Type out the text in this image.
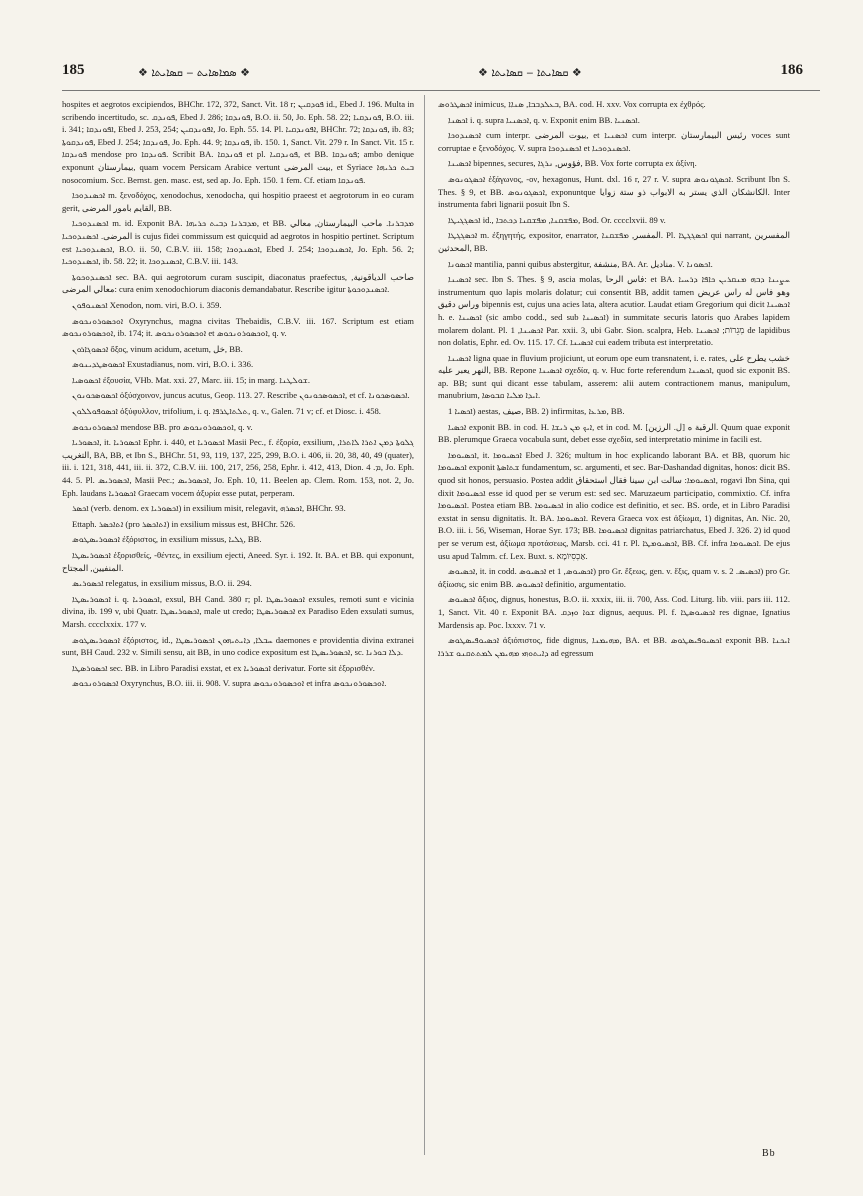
185	❖ ܣܡܐܣܐܝܬ ‒ ܩܣܐܝܬܐ ❖	❖ ܩܣܐܝܬܐ ‒ ܩܣܐܝܬܐ ❖	186

hospites et aegrotos excipiendos, BHChr. 172, 372, Sanct. Vit. 18 r; ܦܘܕܩܝܢ id., Ebed J. 196. Multa in scribendo incertitudo, sc. ܦܘܢܕܩ, Ebed J. 286; ܦܘܢܕܩܐ, B.O. ii. 50, Jo. Eph. 58. 22; ܦܘܢܕܩܝܐ, B.O. iii. i. 341; ܐܦܘܢܕܩܐ, Ebed J. 253, 254; ܐܦܘܢܕܩܝܢ, Jo. Eph. 55. 14. Pl. ܐܦܘܢܕܩܝܐ, BHChr. 72; ܦܘܢܕܩܐ, ib. 83; ܦܘܢܕܩܘܬܐ, Ebed J. 254; ܦܘܢܕܩܐ, Jo. Eph. 44. 9; ܦܘܢܕܩܐ, ib. 150. 1, Sanct. Vit. 279 r. In Sanct. Vit. 15 r. ܦܘܢܕܩܐ mendose pro ܦܘܢܕܩܐ. Scribit BA. ܦܘܢܕܩܐ et pl. ܦܘܢܕܩܝܐ, et BB. ܦܘܢܕܩܐ; ambo denique exponunt بيمارستان, quam vocem Persicam Arabice vertunt بيت المرضى, et Syriace ܒܝܬ ܟܪܝܗܐ nosocomium. Scc. Bernst. gen. masc. est, sed ap. Jo. Eph. 150. 1 fem. Cf. etiam ܦܘܢܕܩܐ.

ܐܟܣܢܕܘܟܐ m. ξενοδόχος, xenodochus, xenodocha, qui hospitio praeest et aegrotorum in eo curam gerit, القايم بامور المرضى, BB.

ܐܟܣܢܕܘܟܝܐ m. id. Exponit BA. ܡܕܒܪܢܐ ܕܒܝܬ ܟܪܝܗܐ, et BB. ܡܕܒܪܢܐ. ماحب البيمارستان, معالي المرضى. ܐܟܣܢܕܘܟܝܐ is cujus fidei commissum est quicquid ad aegrotos in hospitio pertinet. Scriptum est ܐܟܣܢܕܘܟܝܐ, B.O. ii. 50, C.B.V. iii. 158; ܐܟܣܢܕܘܟܐ, Ebed J. 254; ܐܟܣܢܕܘܟܐ, Jo. Eph. 56. 2; ܐܟܣܢܕܘܟܝܐ, ib. 58. 22; it. ܐܟܣܢܕܘܟܐ, C.B.V. iii. 143.

ܐܟܣܢܕܘܟܘܬܐ sec. BA. qui aegrotorum curam suscipit, diaconatus praefectus, صاحب الدياقونية, معالي المرضى: cura enim xenodochiorum diaconis demandabatur. Rescribe igitur ܐܟܣܢܕܘܟܘܬܐ.

ܐܟܣܢܘܦܘܢ Xenodon, nom. viri, B.O. i. 359.

ܐܘܟܣܘܪܘܢܟܘܣ Oxyrynchus, magna civitas Thebaidis, C.B.V. iii. 167. Scriptum est etiam ܐܘܟܣܘܪܘܢܟܘܣ, ib. 174; it. ܐܘܟܣܘܪܘܢܟܘܣ et ܐܘܟܣܘܪܘܢܟܘܣ, q. v.

ܐܟܣܘܓܐܪܘܢ ὄξος, vinum acidum, acetum, خل, BB.

ܐܟܣܘܣܛܕܝܢܘܣ Exustadianus, nom. viri, B.O. i. 336.

ܐܟܣܘܣܝܐ ἐξουσία, VHb. Mat. xxi. 27, Marc. iii. 15; in marg. ܫܘܠܛܢܐ.

ܐܟܣܘܣܟܘܢܘܢ ὀξύσχοινον, juncus acutus, Geop. 113. 27. Rescribe ܐܟܣܘܣܟܘܢܘܢ, et cf. ܐܟܣܘܣܟܘܢܐ.

ܐܟܣܘܦܘܠܠܘܢ ὀξύφυλλον, trifolium, i. q. ܬܠܬܐܛܪܦܐ, q. v., Galen. 71 v; cf. et Diosc. i. 458.

ܐܟܣܘܪܘܢܟܘܣ mendose BB. pro ܐܘܟܣܘܪܘܢܟܘܣ, q. v.

ܐܟܣܘܪܝܐ, it. ܐܟܣܘܪܝܐ Ephr. i. 440, et ܐܟܣܘܪܝܐ Masii Pec., f. ἐξορία, exsilium, ܓܠܘܬܐ ܕܡܢ ܐܬܪܐ ܠܐܬܪܐ, التغريب, BA, BB, et Ibn S., BHChr. 51, 93, 119, 137, 225, 299, B.O. i. 406, ii. 20, 38, 40, 49 (quater), iii. i. 121, 318, 441, iii. ii. 372, C.B.V. iii. 100, 217, 256, 258, Ephr. i. 412, 413, Dion. ܡ. 4, Jo. Eph. 44. 5. Pl. ܐܟܣܘܪܝܣ, Masii Pec.; ܐܟܣܘܪܝܣ, Jo. Eph. 10, 11. Beelen ap. Clem. Rom. 153, not. 2, Jo. Eph. laudans ܐܟܣܘܪܝܐ Graecam vocem ἀξυρία esse putat, perperam.

ܐܟܣܪ (verb. denom. ex ܐܟܣܘܪܝܐ) in exsilium misit, relegavit, ܐܟܣܪܗ, BHChr. 93.

Ettaph. ܐܬܐܟܣܪ (pro ܐܬܐܟܣܪ) in exsilium missus est, BHChr. 526.

ܐܟܣܘܪܝܣܛܘܣ ἐξόριστος, in exsilium missus, ܓܠܝܐ, BB.

ܐܟܣܘܪܝܣܛܐ ἐξορισθείς, -θέντες, in exsilium ejecti, Aneed. Syr. i. 192. It. BA. et BB. qui exponunt, المنفيين, المجتاح.

ܐܟܣܘܪܝܣ relegatus, in exsilium missus, B.O. ii. 294.

ܐܟܣܘܪܝܣܛܐ i. q. ܐܟܣܘܪܝܐ, exsul, BH Cand. 380 r; pl. ܐܟܣܘܪܝܣܛܐ exsules, remoti sunt e vicinia divina, ib. 199 v, ubi Quatr. ܐܟܣܘܪܝܣܛܐ, male ut credo; ܐܟܣܘܪܝܣܛܐ ex Paradiso Eden exsulati sumus, Marsh. cccclxxix. 177 v.

ܐܟܣܘܪܝܣܛܘܣ ἐξόριστος, id., ܚܒܠܐ, ܕܐܝܬܝܗܘܢ ܐܟܣܘܪܝܣܛܐ daemones e providentia divina extranei sunt, BH Caud. 232 v. Simili sensu, ait BB, in uno codice expositum est ܐܟܣܘܪܝܣܛܐ, sc. ܕܠܐ ܒܘܪܢܐ.

ܐܟܣܘܪܣܛܐ sec. BB. in Libro Paradisi exstat, et ex ܐܟܣܘܪܝܐ derivatur. Forte sit ἐξορισθέν.

ܐܟܣܘܪܘܢܟܘܣ Oxyrynchus, B.O. iii. ii. 908. V. supra ܐܘܟܣܘܪܘܢܟܘܣ et infra ܐܘܟܣܘܪܘܢܟܘܣ.

ܐܟܣܛܪܘܣ inimicus, ܒܥܠܕܒܒܐ, ܣܢܐܐ, BA. cod. H. xxv. Vox corrupta ex ἐχθρός.

ܐܟܣܢܐ i. q. supra ܐܟܣܢܝܐ, q. v. Exponit enim BB. ܐܟܣܢܝܐ.

ܐܟܣܢܕܘܟܐ cum interpr. بيوت المرضى, et ܐܟܣܢܝܐ cum interpr. رئيس البيمارستان voces sunt corruptae e ξενοδόχος. V. supra ܐܟܣܢܕܘܟܐ et ܐܟܣܢܕܘܟܝܐ.

ܐܟܣܝܢܐ bipennes, secures, فؤوس, ܢܪܓܐ, BB. Vox forte corrupta ex ἀξίνη.

ܐܟܣܓܘܢܘܣ ἑξάγωνος, -ον, hexagonus, Hunt. dxl. 16 r, 27 r. V. supra ܐܟܣܓܘܢܘܣ. Scribunt Ibn S. Thes. § 9, et BB. ܐܟܣܓܘܢܘܣ, exponuntque الكانشكان الذي يستر به الابواب ذو ستة زوايا. Inter instrumenta fabri lignarii posuit Ibn S.

ܐܟܣܓܓܝܛܐ id., ܡܦܫܩܢܐ, ܡܦܫܩܢܐ ܕܟܬܒܐ, Bod. Or. cccclxvii. 89 v.

ܐܟܣܓܓܛܐ m. ἐξηγητής, expositor, enarrator, المفسر, ܡܦܫܩܢܐ. Pl. ܐܟܣܓܓܛܐ qui narrant, المفسرين المحدثين, BB.

ܐܟܣܘܢܐ mantilia, panni quibus abstergitur, منشفة, BA. Ar. مناديل. V. ܐܟܣܘܢܐ.

ܐܟܣܝܢܐ sec. Ibn S. Thes. § 9, ascia molas, فاس الرحا: et BA. ܚܨܝܢܐ ܕܒܗ ܡܢܩܪܝܢ ܟܐܦܐ ܕܪܚܝܐ instrumentum quo lapis molaris dolatur; cui consentit BB, addit tamen وهو فاس له راس عريض وراس دقيق bipennis est, cujus una acies lata, altera acutior. Laudat etiam Gregorium qui dicit ܐܟܣܝܢܐ h. e. ܐܟܣܝܢܐ (sic ambo codd., sed sub ܐܟܣܝܢܐ) in summitate securis latoris quo Arabes lapidem molarem dolant. Pl. ܐܟܣܝܢܐ, 1 Par. xxii. 3, ubi Gabr. Sion. scalpra, Heb. מְגֵרוֹת; ܐܟܣܝܢܐ de lapidibus non dolatis, Ephr. ed. Ov. 115. 17. Cf. ܐܟܣܝܢܐ cui eadem tributa est interpretatio.

ܐܟܣܝܢܐ ligna quae in fluvium projiciunt, ut eorum ope eum transnatent, i. e. rates, خشب يطرح على النهر يعبر عليه, BB. Repone ܐܟܣܝܢܐ σχεδία, q. v. Huc forte referendum ܐܟܣܝܢܐ, quod sic exponit BS. ap. BB; sunt qui dicant esse tabulam, asserem: alii autem contractionem manus, manipulum, manubrium, ܐܝܕܐ ܡܠܝܐ ܩܒܘܣܐ.

ܐܟܣܝܐ 1) aestas, صيف, BB. 2) infirmitas, ܡܪܥܐ, BB.

ܐܟܣܝܐ exponit BB. in cod. H. ܐܝܟ ܡܢ ܪܝܫܐ, et in cod. M. الرقبة ه [ل. الرزين]. Quum quae exponit BB. plerumque Graeca vocabula sunt, debet esse σχεδία, sed interpretatio minime in facili est.

ܐܟܣܝܘܡܐ, it. ܐܟܣܝܘܡܐ Ebed J. 326; multum in hoc explicando laborant BA. et BB, quorum hic ܐܟܣܝܘܡܐ exponit ܫܬܐܣܬܐ fundamentum, sc. argumenti, et sec. Bar-Dashandad dignitas, honos: dicit BS. quod sit honos, persuasio. Postea addit ܐܟܣܝܘܡܐ: سالت ابن سينا فقال استحقاق, rogavi Ibn Sina, qui dixit ܐܟܣܝܘܡܐ esse id quod per se verum est: sed sec. Maruzaeum participatio, commixtio. Cf. infra ܐܟܣܝܘܡܐ. Postea etiam BB. ܐܟܣܝܘܡܐ in alio codice est definitio, et sec. BS. orde, et in Libro Paradisi exstat in sensu dignitatis. It. BA. ܐܟܣܝܘܡܐ. Revera Graeca vox est ἀξίωμα, 1) dignitas, An. Nic. 20, B.O. iii. i. 56, Wiseman, Horae Syr. 173; BB. ܐܟܣܝܘܡܐ dignitas patriarchatus, Ebed J. 326. 2) id quod per se verum est, ἀξίωμα προτάσεως, Marsb. cci. 41 r. Pl. ܐܟܣܝܘܡܛܐ, BB. Cf. infra ܐܟܣܝܘܡܐ. De ejus usu apud Talmm. cf. Lex. Buxt. s. אַכְסִיוֹמָא.

ܐܟܣܝܘܣ, it. in codd. ܐܟܣܝܘܣ et ܐܟܣܝܘܣ, 1) pro Gr. ἕξεως, gen. v. ἕξις, quam v. s. ܐܟܣܝܣ. 2) pro Gr. ἀξίωσις, sic enim BB. ܐܟܣܝܘܣ definitio, argumentatio.

ܐܟܣܝܘܣ ἄξιος, dignus, honestus, B.O. ii. xxxix, iii. ii. 700, Ass. Cod. Liturg. lib. viii. pars iii. 112. 1, Sanct. Vit. 40 r. Exponit BA. ܫܘܐ ܘܙܕܩ dignus, aequus. Pl. f. ܐܟܣܝܘܣܛܐ res dignae, Ignatius Mardensis ap. Poc. lxxxv. 71 v.

ܐܟܣܝܘܦܝܣܛܘܣ ἀξιόπιστος, fide dignus, ܡܗܝܡܢܐ, BA. et BB. ܐܟܣܝܘܦܝܣܛܘܣ exponit BB. ܐܝܟܢܐ ܕܐܝܬܘܗܝ ܡܗܝܡܢ ܠܡܬܬܩܢܘ ܫܪܪܐ ad egressum

Bb
